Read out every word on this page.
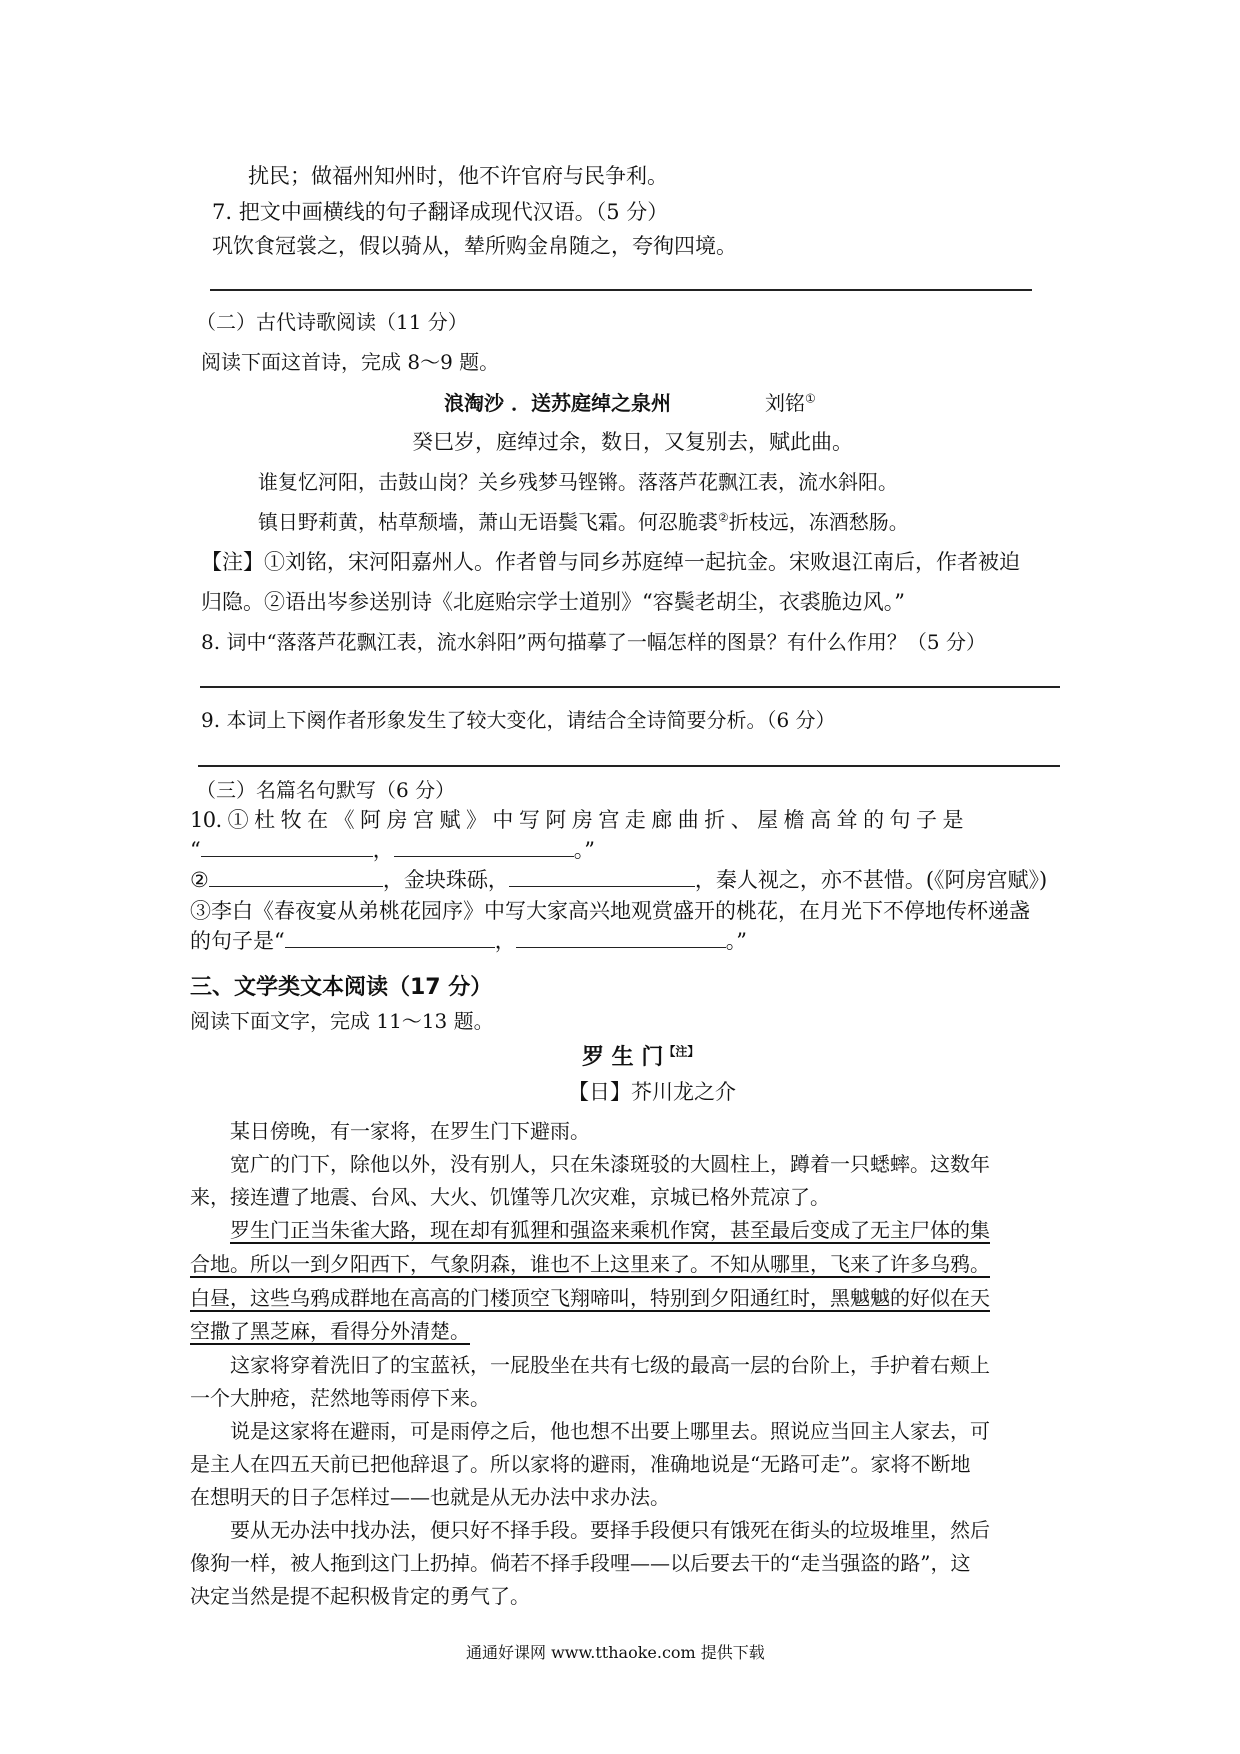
扰民；做福州知州时，他不许官府与民争利。
7. 把文中画横线的句子翻译成现代汉语。（5 分）
巩饮食冠裳之，假以骑从，辇所购金帛随之，夸徇四境。
（二）古代诗歌阅读（11 分）
阅读下面这首诗，完成 8～9 题。
浪淘沙 ．送苏庭绰之泉州	刘铭①
癸巳岁，庭绰过余，数日，又复别去，赋此曲。
谁复忆河阳，击鼓山岗？关乡残梦马铿锵。落落芦花飘江表，流水斜阳。
镇日野莉黄，枯草颓墙，萧山无语鬓飞霜。何忍脆裘②折枝远，冻酒愁肠。
【注】①刘铭，宋河阳嘉州人。作者曾与同乡苏庭绰一起抗金。宋败退江南后，作者被迫
归隐。②语出岑参送别诗《北庭贻宗学士道别》“容鬓老胡尘，衣裘脆边风。”
8. 词中“落落芦花飘江表，流水斜阳”两句描摹了一幅怎样的图景？有什么作用？（5 分）
9. 本词上下阕作者形象发生了较大变化，请结合全诗简要分析。（6 分）
（三）名篇名句默写（6 分）
10. ① 杜 牧 在 《 阿 房 宫 赋 》 中 写 阿 房 宫 走 廊 曲 折 、 屋 檐 高 耸 的 句 子 是
“	，	。”
②	，金块珠砾，	，秦人视之，亦不甚惜。(《阿房宫赋》)
③李白《春夜宴从弟桃花园序》中写大家高兴地观赏盛开的桃花，在月光下不停地传杯递盏
的句子是“	，	。”
三、文学类文本阅读（17 分）
阅读下面文字，完成 11～13 题。
罗 生 门$^{【注】}$
【日】芥川龙之介
某日傍晚，有一家将，在罗生门下避雨。
宽广的门下，除他以外，没有别人，只在朱漆斑驳的大圆柱上，蹲着一只蟋蟀。这数年
来，接连遭了地震、台风、大火、饥馑等几次灾难，京城已格外荒凉了。
罗生门正当朱雀大路，现在却有狐狸和强盗来乘机作窝，甚至最后变成了无主尸体的集
合地。所以一到夕阳西下，气象阴森，谁也不上这里来了。不知从哪里，飞来了许多乌鸦。
白昼，这些乌鸦成群地在高高的门楼顶空飞翔啼叫，特别到夕阳通红时，黑魆魆的好似在天
空撒了黑芝麻，看得分外清楚。
这家将穿着洗旧了的宝蓝袄，一屁股坐在共有七级的最高一层的台阶上，手护着右颊上
一个大肿疮，茫然地等雨停下来。
说是这家将在避雨，可是雨停之后，他也想不出要上哪里去。照说应当回主人家去，可
是主人在四五天前已把他辞退了。所以家将的避雨，准确地说是“无路可走”。家将不断地
在想明天的日子怎样过——也就是从无办法中求办法。
要从无办法中找办法，便只好不择手段。要择手段便只有饿死在街头的垃圾堆里，然后
像狗一样，被人拖到这门上扔掉。倘若不择手段哩——以后要去干的“走当强盗的路”，这
决定当然是提不起积极肯定的勇气了。
通通好课网 www.tthaoke.com 提供下载
